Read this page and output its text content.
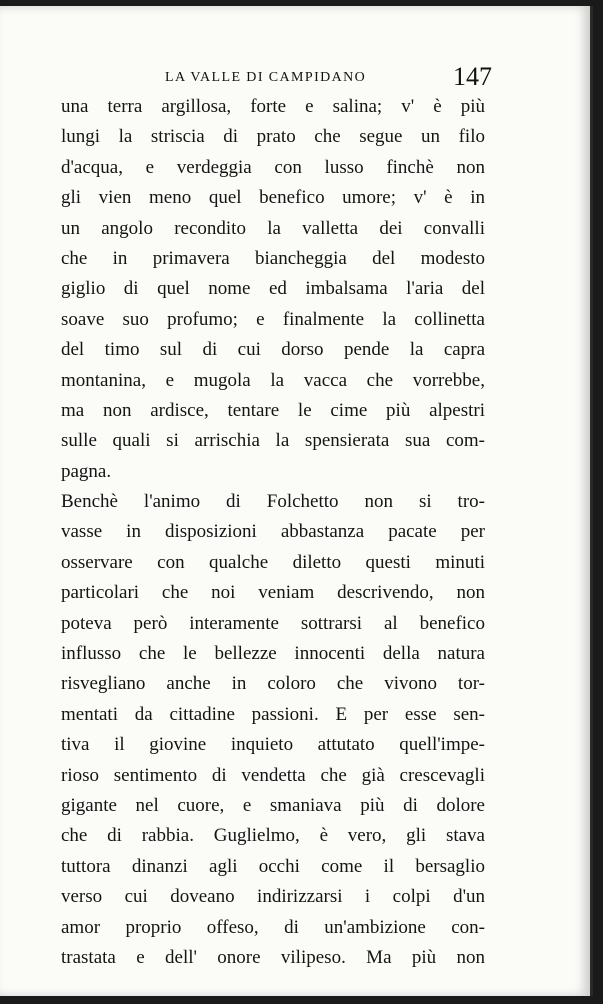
LA VALLE DI CAMPIDANO	147
una terra argillosa, forte e salina; v' è più
lungi la striscia di prato che segue un filo
d'acqua, e verdeggia con lusso finchè non
gli vien meno quel benefico umore; v' è in
un angolo recondito la valletta dei convalli
che in primavera biancheggia del modesto
giglio di quel nome ed imbalsama l'aria del
soave suo profumo; e finalmente la collinetta
del timo sul di cui dorso pende la capra
montanina, e mugola la vacca che vorrebbe,
ma non ardisce, tentare le cime più alpestri
sulle quali si arrischia la spensierata sua com-
pagna.
Benchè l'animo di Folchetto non si tro-
vasse in disposizioni abbastanza pacate per
osservare con qualche diletto questi minuti
particolari che noi veniam descrivendo, non
poteva però interamente sottrarsi al benefico
influsso che le bellezze innocenti della natura
risvegliano anche in coloro che vivono tor-
mentati da cittadine passioni. E per esse sen-
tiva il giovine inquieto attutato quell'impe-
rioso sentimento di vendetta che già crescevagli
gigante nel cuore, e smaniava più di dolore
che di rabbia. Guglielmo, è vero, gli stava
tuttora dinanzi agli occhi come il bersaglio
verso cui doveano indirizzarsi i colpi d'un
amor proprio offeso, di un'ambizione con-
trastata e dell' onore vilipeso. Ma più non
